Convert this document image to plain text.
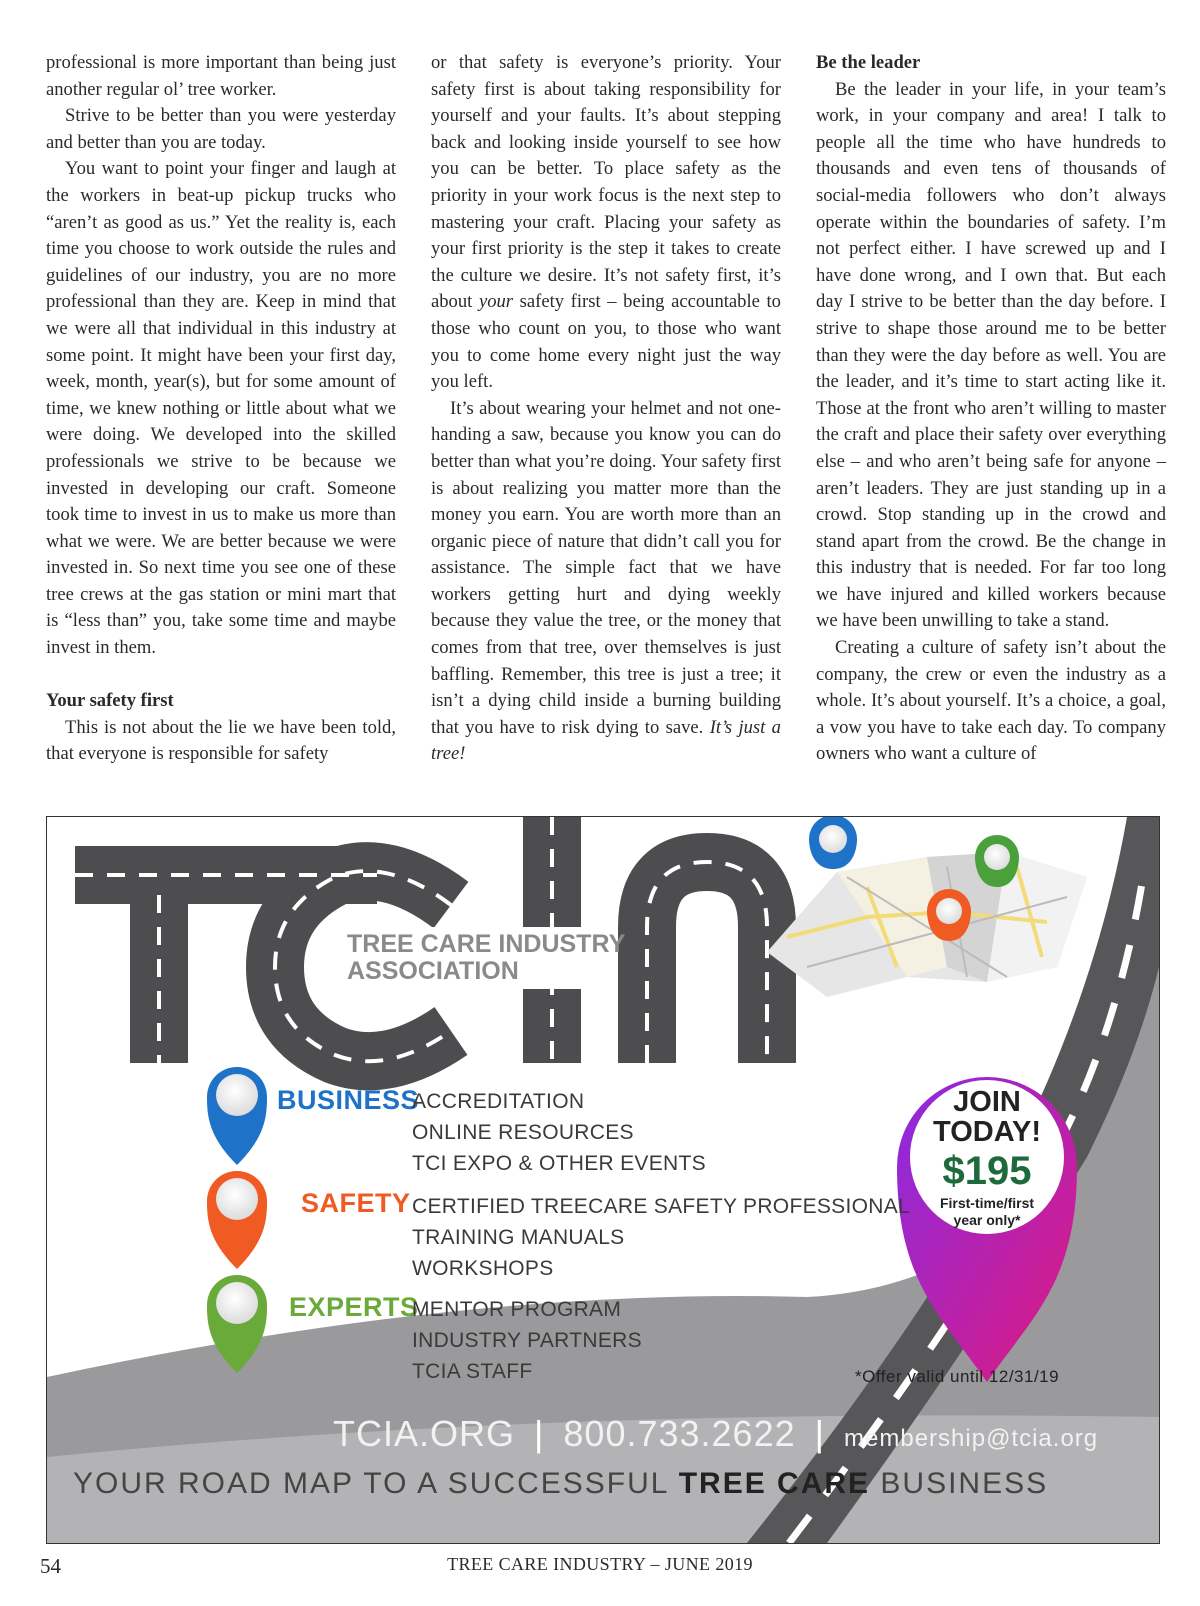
professional is more important than being just another regular ol’ tree worker.

Strive to be better than you were yesterday and better than you are today.

You want to point your finger and laugh at the workers in beat-up pickup trucks who “aren’t as good as us.” Yet the reality is, each time you choose to work outside the rules and guidelines of our industry, you are no more professional than they are. Keep in mind that we were all that individual in this industry at some point. It might have been your first day, week, month, year(s), but for some amount of time, we knew nothing or little about what we were doing. We developed into the skilled professionals we strive to be because we invested in developing our craft. Someone took time to invest in us to make us more than what we were. We are better because we were invested in. So next time you see one of these tree crews at the gas station or mini mart that is “less than” you, take some time and maybe invest in them.

Your safety first

This is not about the lie we have been told, that everyone is responsible for safety

or that safety is everyone’s priority. Your safety first is about taking responsibility for yourself and your faults. It’s about stepping back and looking inside yourself to see how you can be better. To place safety as the priority in your work focus is the next step to mastering your craft. Placing your safety as your first priority is the step it takes to create the culture we desire. It’s not safety first, it’s about your safety first – being accountable to those who count on you, to those who want you to come home every night just the way you left.

It’s about wearing your helmet and not one-handing a saw, because you know you can do better than what you’re doing. Your safety first is about realizing you matter more than the money you earn. You are worth more than an organic piece of nature that didn’t call you for assistance. The simple fact that we have workers getting hurt and dying weekly because they value the tree, or the money that comes from that tree, over themselves is just baffling. Remember, this tree is just a tree; it isn’t a dying child inside a burning building that you have to risk dying to save. It’s just a tree!

Be the leader

Be the leader in your life, in your team’s work, in your company and area! I talk to people all the time who have hundreds to thousands and even tens of thousands of social-media followers who don’t always operate within the boundaries of safety. I’m not perfect either. I have screwed up and I have done wrong, and I own that. But each day I strive to be better than the day before. I strive to shape those around me to be better than they were the day before as well. You are the leader, and it’s time to start acting like it. Those at the front who aren’t willing to master the craft and place their safety over everything else – and who aren’t being safe for anyone – aren’t leaders. They are just standing up in a crowd. Stop standing up in the crowd and stand apart from the crowd. Be the change in this industry that is needed. For far too long we have injured and killed workers because we have been unwilling to take a stand.

Creating a culture of safety isn’t about the company, the crew or even the industry as a whole. It’s about yourself. It’s a choice, a goal, a vow you have to take each day. To company owners who want a culture of

TREE CARE INDUSTRY
ASSOCIATION
BUSINESS
ACCREDITATION
ONLINE RESOURCES
TCI EXPO & OTHER EVENTS
SAFETY CERTIFIED TREECARE SAFETY PROFESSIONAL
TRAINING MANUALS
WORKSHOPS
EXPERTS
MENTOR PROGRAM
INDUSTRY PARTNERS
TCIA STAFF
JOIN
TODAY!
$195
First-time/first
year only*
*Offer valid until 12/31/19
TCIA.ORG | 800.733.2622 | membership@tcia.org
YOUR ROAD MAP TO A SUCCESSFUL TREE CARE BUSINESS
54	TREE CARE INDUSTRY – JUNE 2019
